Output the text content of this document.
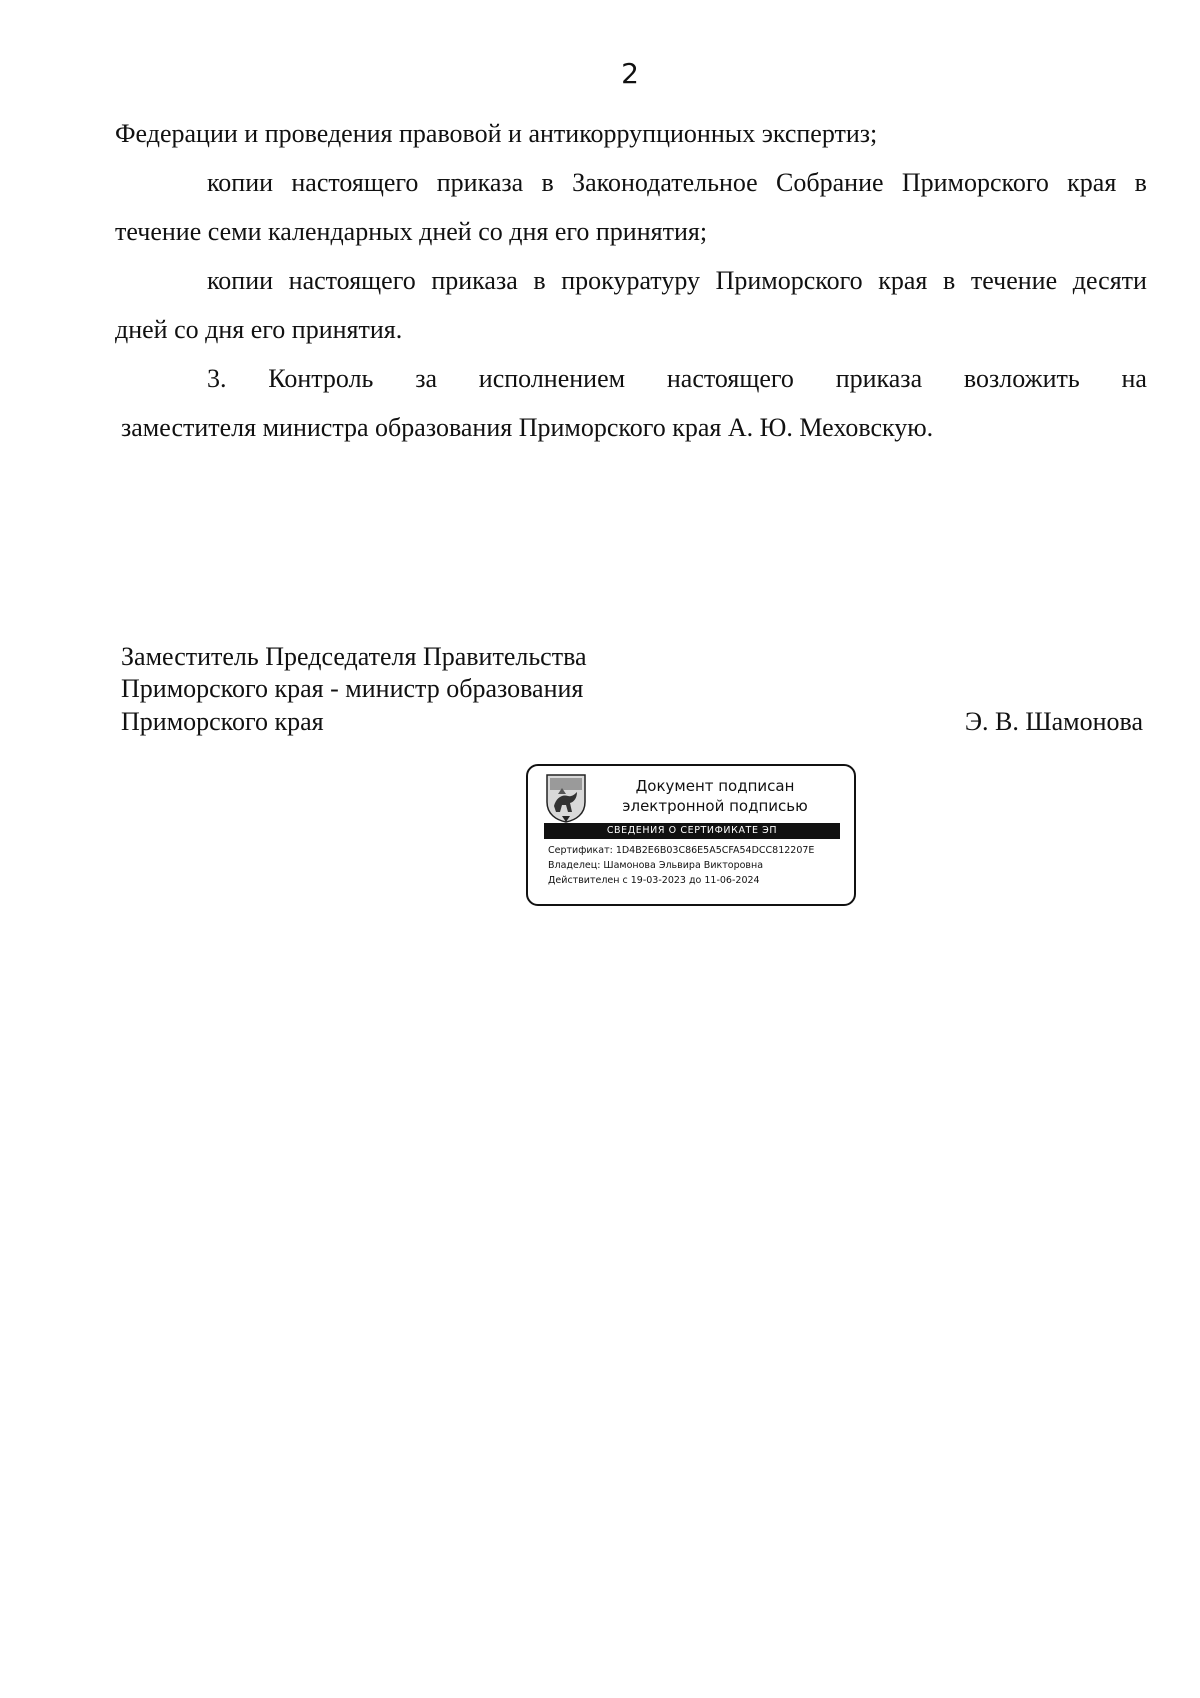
2
Федерации и проведения правовой и антикоррупционных экспертиз;
копии настоящего приказа в Законодательное Собрание Приморского края в
течение семи календарных дней со дня его принятия;
копии настоящего приказа в прокуратуру Приморского края в течение десяти
дней со дня его принятия.
3. Контроль за исполнением настоящего приказа возложить на
заместителя министра образования Приморского края А. Ю. Меховскую.
Заместитель Председателя Правительства
Приморского края - министр образования
Приморского края	Э. В. Шамонова
Документ подписан
электронной подписью
СВЕДЕНИЯ О СЕРТИФИКАТЕ ЭП
Сертификат: 1D4B2E6B03C86E5A5CFA54DCC812207E
Владелец: Шамонова Эльвира Викторовна
Действителен с 19-03-2023 до 11-06-2024
